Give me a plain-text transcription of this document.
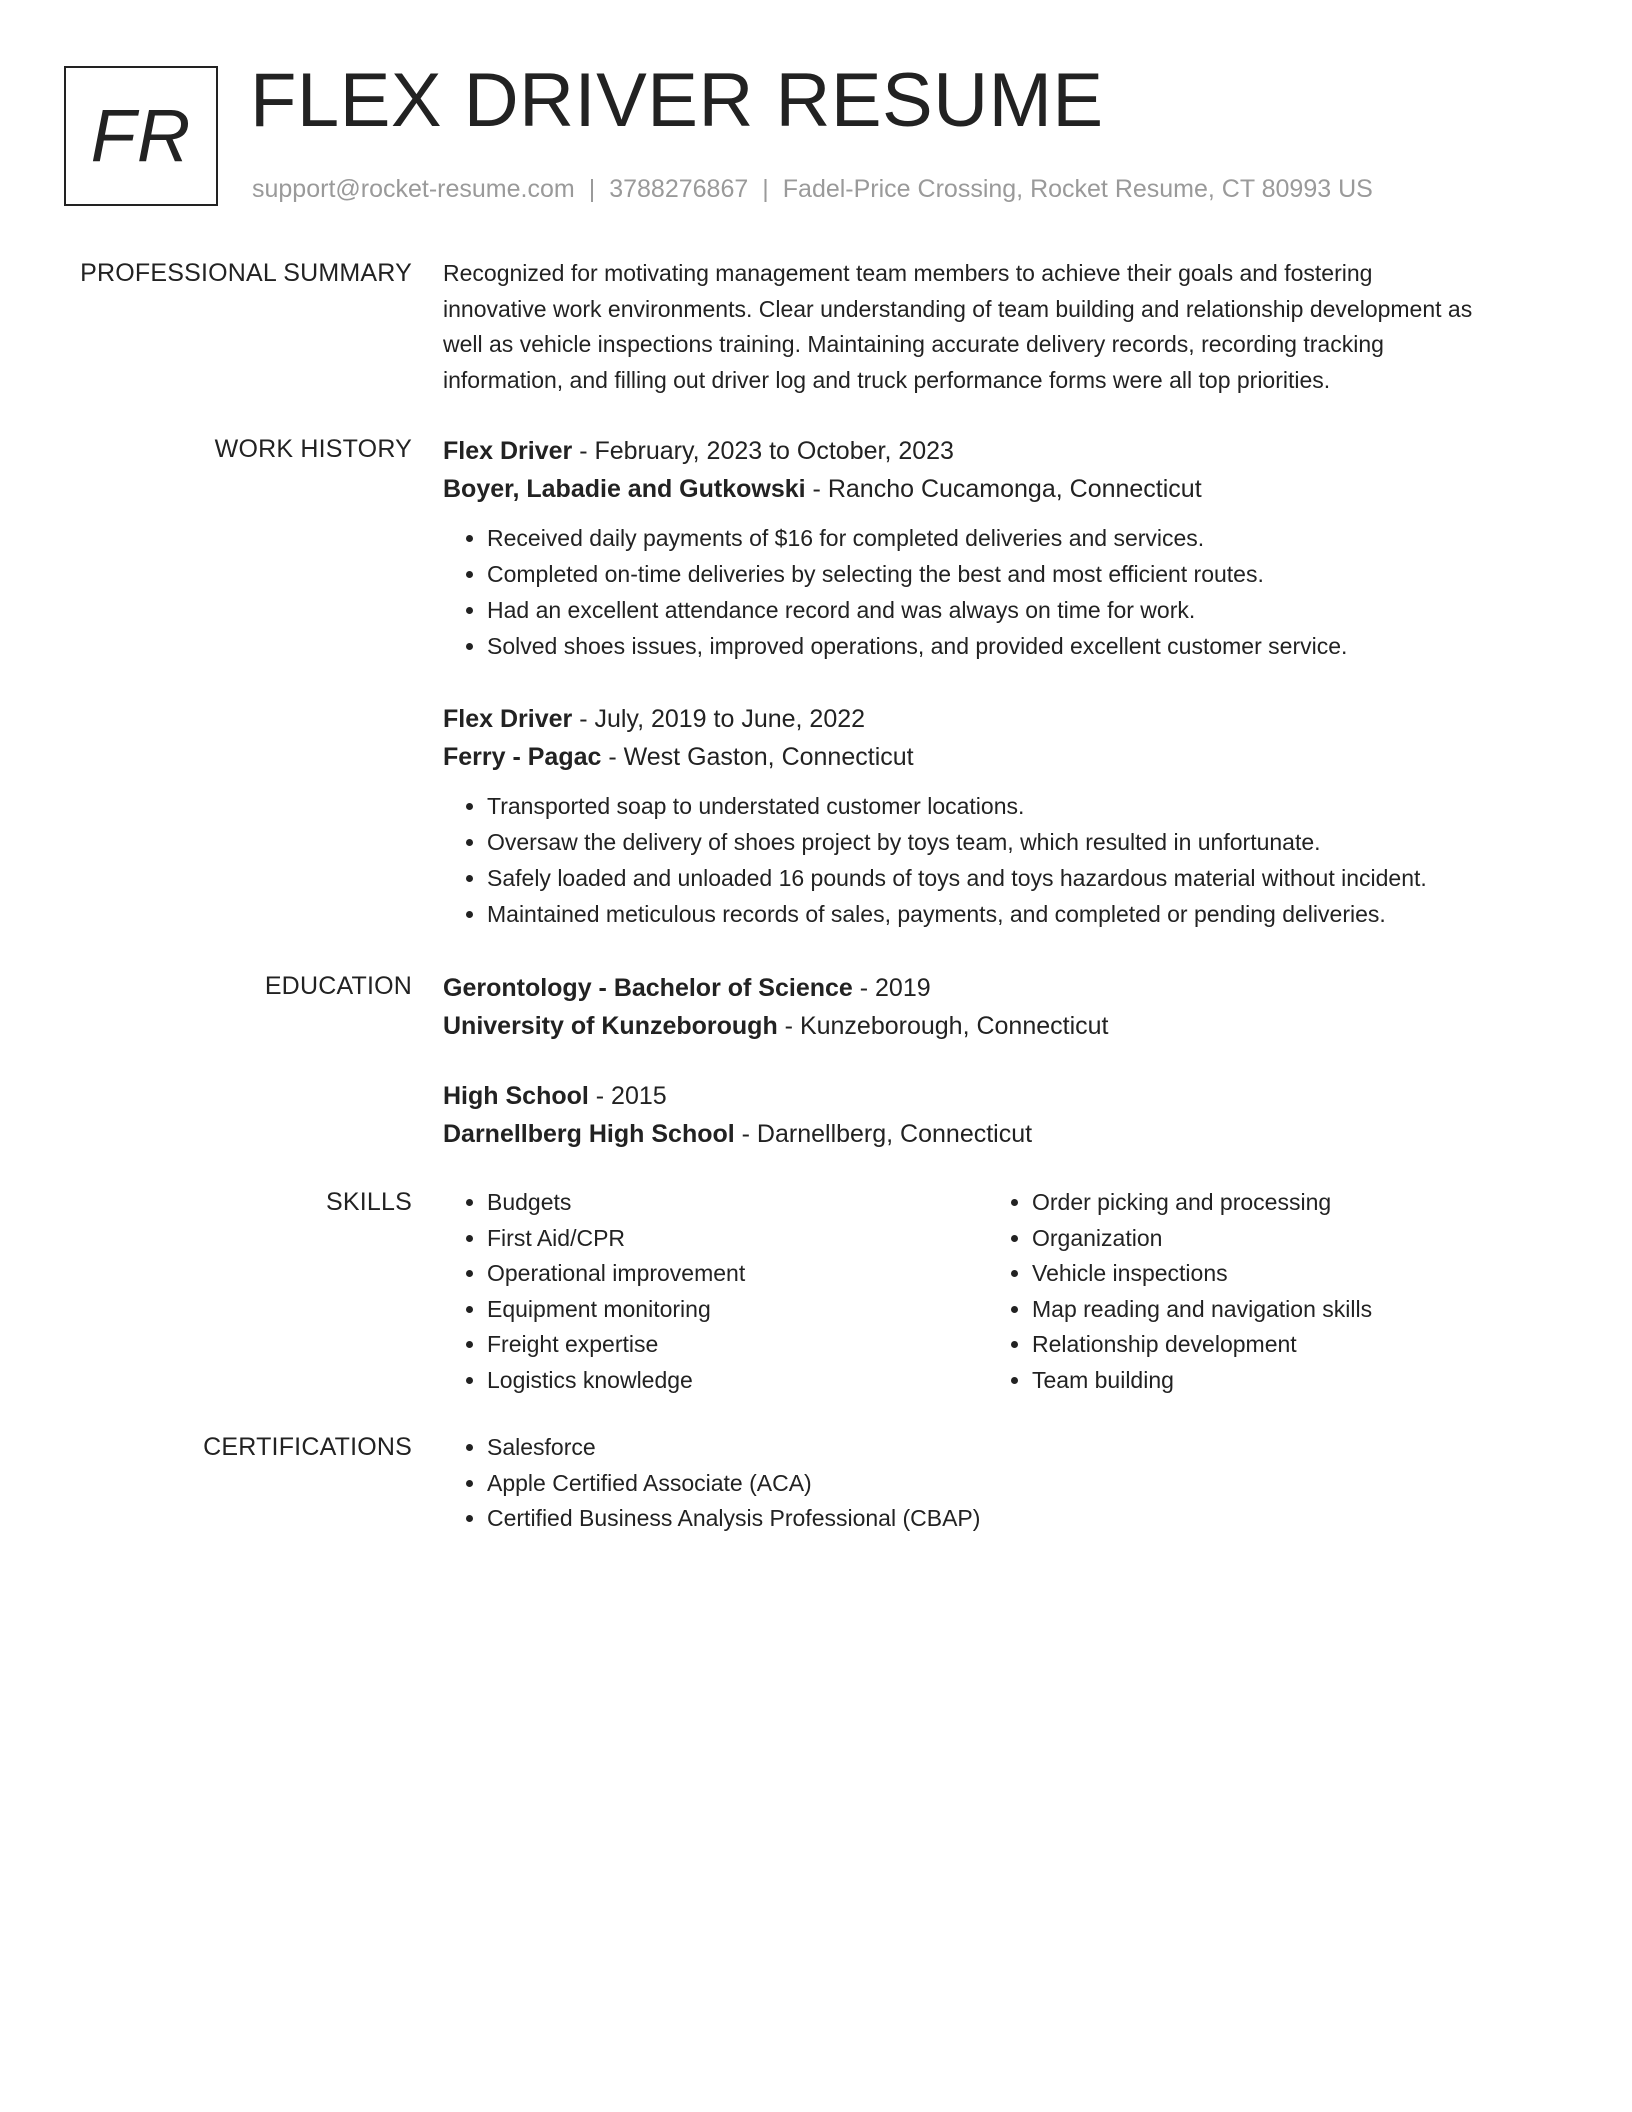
FR FLEX DRIVER RESUME
support@rocket-resume.com | 3788276867 | Fadel-Price Crossing, Rocket Resume, CT 80993 US
PROFESSIONAL SUMMARY Recognized for motivating management team members to achieve their goals and fostering
innovative work environments. Clear understanding of team building and relationship development as
well as vehicle inspections training. Maintaining accurate delivery records, recording tracking
information, and filling out driver log and truck performance forms were all top priorities.

WORK HISTORY Flex Driver - February, 2023 to October, 2023
Boyer, Labadie and Gutkowski - Rancho Cucamonga, Connecticut
• Received daily payments of $16 for completed deliveries and services.
• Completed on-time deliveries by selecting the best and most efficient routes.
• Had an excellent attendance record and was always on time for work.
• Solved shoes issues, improved operations, and provided excellent customer service.
Flex Driver - July, 2019 to June, 2022
Ferry - Pagac - West Gaston, Connecticut
• Transported soap to understated customer locations.
• Oversaw the delivery of shoes project by toys team, which resulted in unfortunate.
• Safely loaded and unloaded 16 pounds of toys and toys hazardous material without incident.
• Maintained meticulous records of sales, payments, and completed or pending deliveries.
EDUCATION Gerontology - Bachelor of Science - 2019
University of Kunzeborough - Kunzeborough, Connecticut
High School - 2015
Darnellberg High School - Darnellberg, Connecticut
SKILLS	• Budgets
• First Aid/CPR
• Operational improvement
• Equipment monitoring
• Freight expertise
• Logistics knowledge
• Order picking and processing
• Organization
• Vehicle inspections
• Map reading and navigation skills
• Relationship development
• Team building
CERTIFICATIONS	• Salesforce
• Apple Certified Associate (ACA)
• Certified Business Analysis Professional (CBAP)
